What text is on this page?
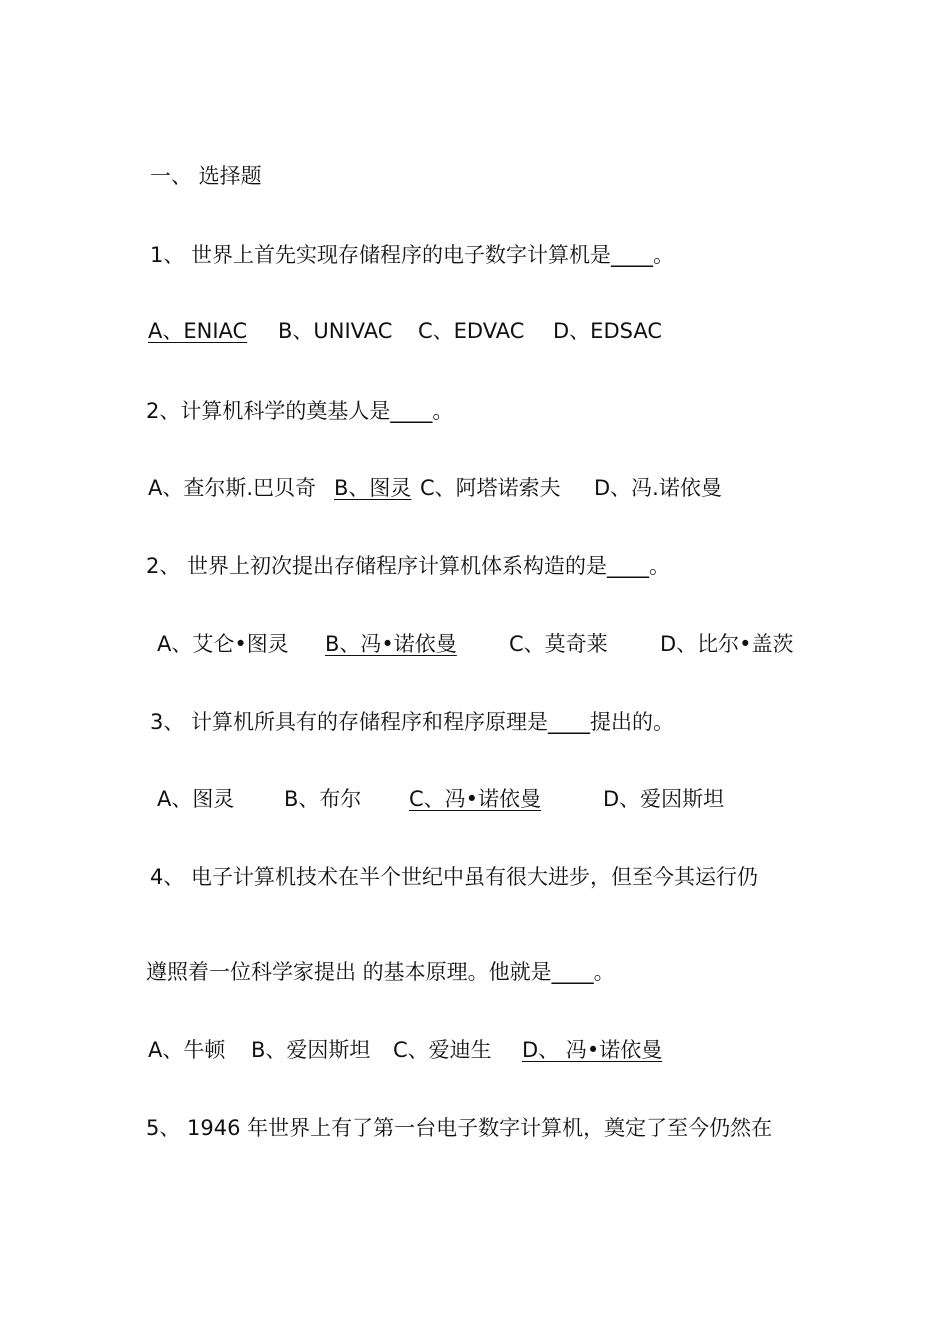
一、 选择题
1、 世界上首先实现存储程序的电子数字计算机是____。
A、ENIAC B、UNIVAC C、EDVAC D、EDSAC
2、计算机科学的奠基人是____。
A、查尔斯.巴贝奇 B、图灵 C、阿塔诺索夫 D、冯.诺依曼
2、 世界上初次提出存储程序计算机体系构造的是____。
A、艾仑•图灵 B、冯•诺依曼 C、莫奇莱 D、比尔•盖茨
3、 计算机所具有的存储程序和程序原理是____提出的。
A、图灵 B、布尔 C、冯•诺依曼	D、爱因斯坦
4、 电子计算机技术在半个世纪中虽有很大进步，但至今其运行仍
遵照着一位科学家提出 的基本原理。他就是____。
A、牛顿 B、爱因斯坦 C、爱迪生 D、 冯•诺依曼
5、 1946 年世界上有了第一台电子数字计算机，奠定了至今仍然在
